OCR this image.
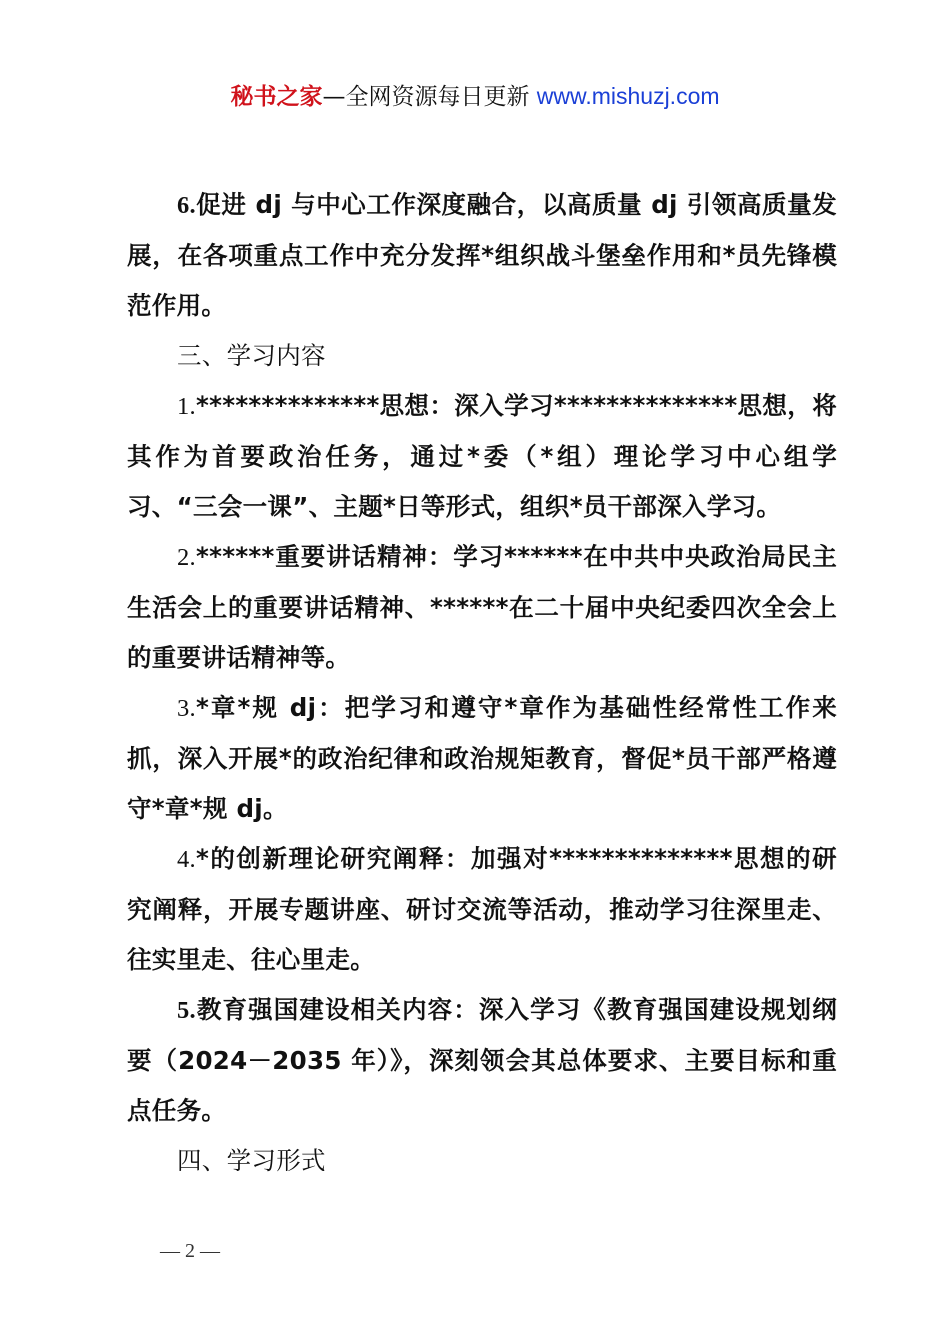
秘书之家—全网资源每日更新 www.mishuzj.com

6.促进 dj 与中心工作深度融合，以高质量 dj 引领高质量发展，在各项重点工作中充分发挥*组织战斗堡垒作用和*员先锋模范作用。

三、学习内容

1.**************思想：深入学习**************思想，将其作为首要政治任务，通过*委（*组）理论学习中心组学习、“三会一课”、主题*日等形式，组织*员干部深入学习。

2.******重要讲话精神：学习******在中共中央政治局民主生活会上的重要讲话精神、******在二十届中央纪委四次全会上的重要讲话精神等。

3.*章*规 dj：把学习和遵守*章作为基础性经常性工作来抓，深入开展*的政治纪律和政治规矩教育，督促*员干部严格遵守*章*规 dj。

4.*的创新理论研究阐释：加强对**************思想的研究阐释，开展专题讲座、研讨交流等活动，推动学习往深里走、往实里走、往心里走。

5.教育强国建设相关内容：深入学习《教育强国建设规划纲要（2024－2035 年）》，深刻领会其总体要求、主要目标和重点任务。

四、学习形式

— 2 —
